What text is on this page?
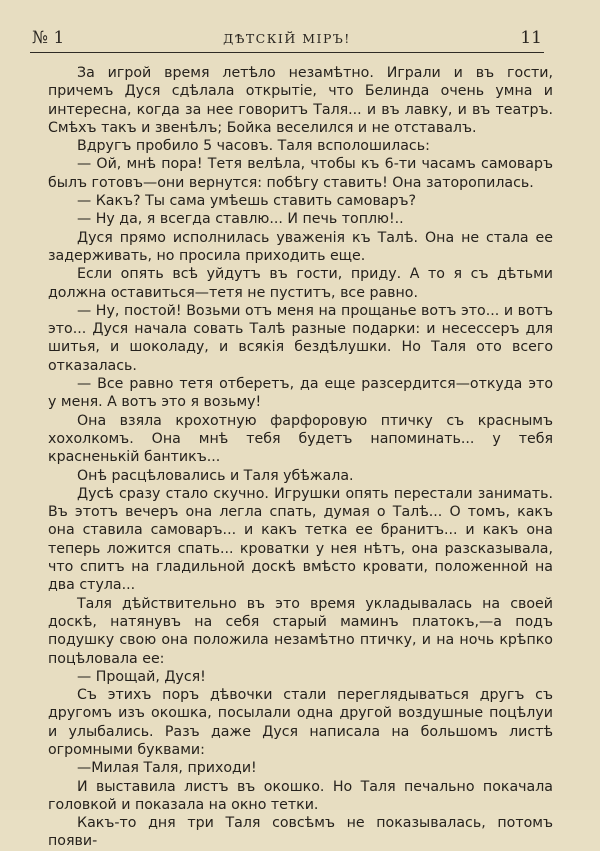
№ 1	ДѢТСКІЙ МІРЪ!	11

За игрой время летѣло незамѣтно. Играли и въ гости, причемъ Дуся сдѣлала открытіе, что Белинда очень умна и интересна, когда за нее говоритъ Таля... и въ лавку, и въ театръ. Смѣхъ такъ и звенѣлъ; Бойка веселился и не отставалъ.

Вдругъ пробило 5 часовъ. Таля всполошилась:

— Ой, мнѣ пора! Тетя велѣла, чтобы къ 6-ти часамъ самоваръ былъ готовъ—они вернутся: побѣгу ставить! Она заторопилась.

— Какъ? Ты сама умѣешь ставить самоваръ?

— Ну да, я всегда ставлю... И печь топлю!..

Дуся прямо исполнилась уваженія къ Талѣ. Она не стала ее задерживать, но просила приходить еще.

Если опять всѣ уйдутъ въ гости, приду. А то я съ дѣтьми должна оставиться—тетя не пуститъ, все равно.

— Ну, постой! Возьми отъ меня на прощанье вотъ это... и вотъ это... Дуся начала совать Талѣ разные подарки: и несессеръ для шитья, и шоколаду, и всякія бездѣлушки. Но Таля ото всего отказалась.

— Все равно тетя отберетъ, да еще разсердится—откуда это у меня. А вотъ это я возьму!

Она взяла крохотную фарфоровую птичку съ краснымъ хохолкомъ. Она мнѣ тебя будетъ напоминать... у тебя красненькій бантикъ...

Онѣ расцѣловались и Таля убѣжала.

Дусѣ сразу стало скучно. Игрушки опять перестали занимать. Въ этотъ вечеръ она легла спать, думая о Талѣ... О томъ, какъ она ставила самоваръ... и какъ тетка ее бранитъ... и какъ она теперь ложится спать... кроватки у нея нѣтъ, она разсказывала, что спитъ на гладильной доскѣ вмѣсто кровати, положенной на два стула...

Таля дѣйствительно въ это время укладывалась на своей доскѣ, натянувъ на себя старый маминъ платокъ,—а подъ подушку свою она положила незамѣтно птичку, и на ночь крѣпко поцѣловала ее:

— Прощай, Дуся!

Съ этихъ поръ дѣвочки стали переглядываться другъ съ другомъ изъ окошка, посылали одна другой воздушные поцѣлуи и улыбались. Разъ даже Дуся написала на большомъ листѣ огромными буквами:

—Милая Таля, приходи!

И выставила листъ въ окошко. Но Таля печально покачала головкой и показала на окно тетки.

Какъ-то дня три Таля совсѣмъ не показывалась, потомъ появи-
